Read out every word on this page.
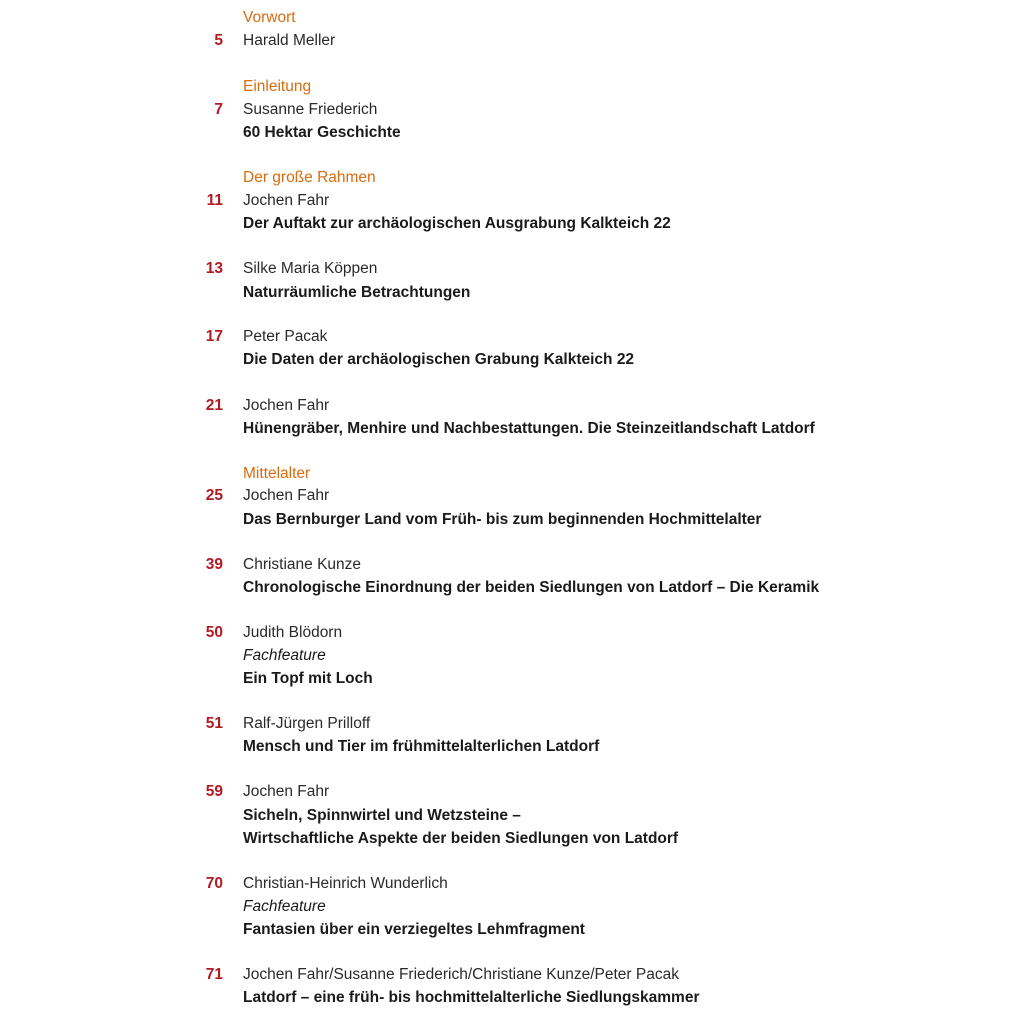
Vorwort
5 Harald Meller
Einleitung
7 Susanne Friederich
60 Hektar Geschichte
Der große Rahmen
11 Jochen Fahr
Der Auftakt zur archäologischen Ausgrabung Kalkteich 22
13 Silke Maria Köppen
Naturräumliche Betrachtungen
17 Peter Pacak
Die Daten der archäologischen Grabung Kalkteich 22
21 Jochen Fahr
Hünengräber, Menhire und Nachbestattungen. Die Steinzeitlandschaft Latdorf
Mittelalter
25 Jochen Fahr
Das Bernburger Land vom Früh- bis zum beginnenden Hochmittelalter
39 Christiane Kunze
Chronologische Einordnung der beiden Siedlungen von Latdorf – Die Keramik
50 Judith Blödorn
Fachfeature
Ein Topf mit Loch
51 Ralf-Jürgen Prilloff
Mensch und Tier im frühmittelalterlichen Latdorf
59 Jochen Fahr
Sicheln, Spinnwirtel und Wetzsteine –
Wirtschaftliche Aspekte der beiden Siedlungen von Latdorf
70 Christian-Heinrich Wunderlich
Fachfeature
Fantasien über ein verziegeltes Lehmfragment
71 Jochen Fahr/Susanne Friederich/Christiane Kunze/Peter Pacak
Latdorf – eine früh- bis hochmittelalterliche Siedlungskammer
